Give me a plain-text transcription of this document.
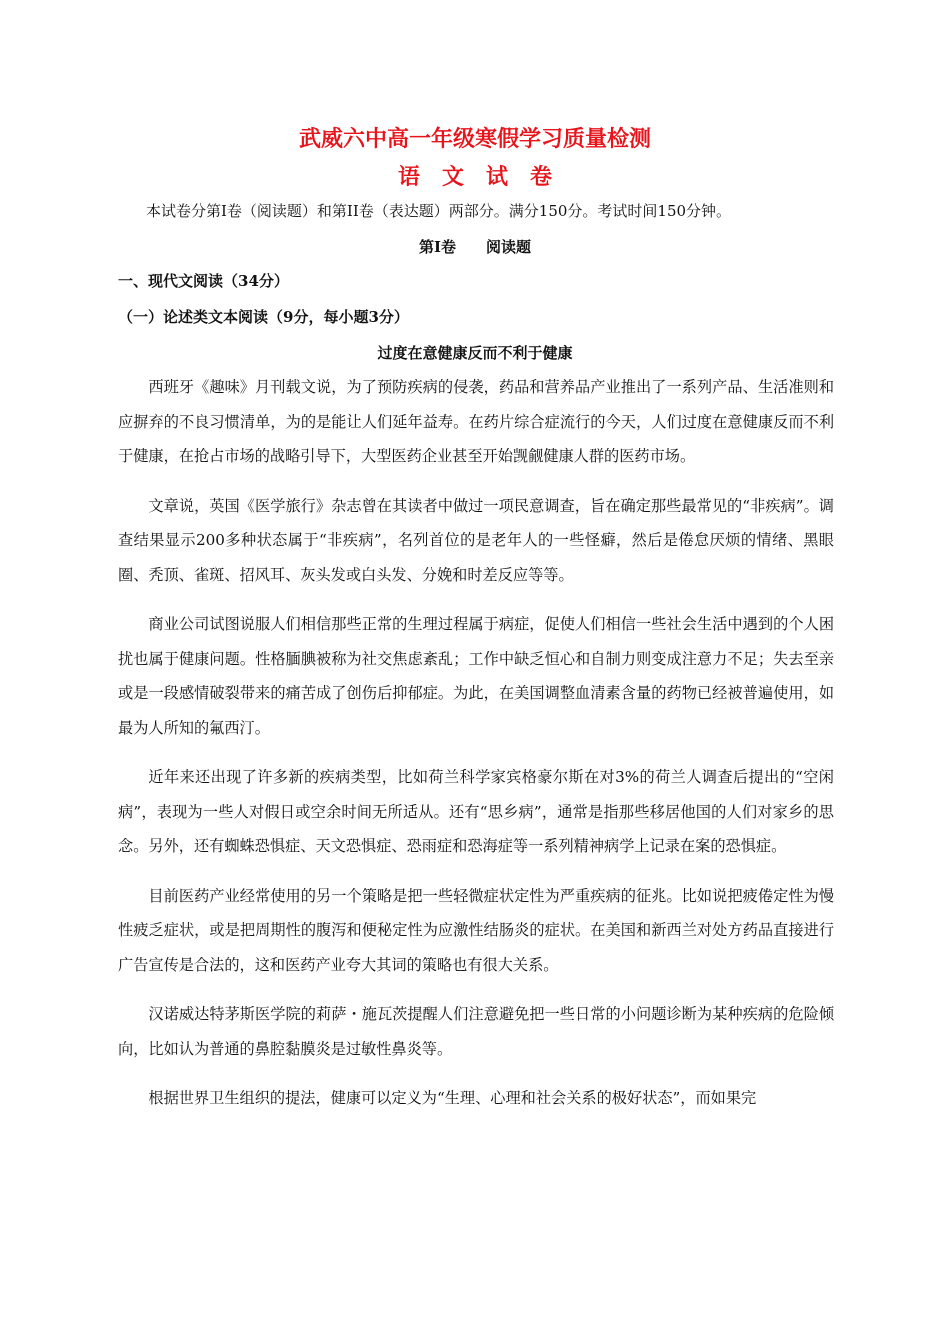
武威六中高一年级寒假学习质量检测
语文试卷
本试卷分第Ⅰ卷（阅读题）和第II卷（表达题）两部分。满分150分。考试时间150分钟。
第Ⅰ卷　　阅读题
一、现代文阅读（34分）
（一）论述类文本阅读（9分，每小题3分）
过度在意健康反而不利于健康

西班牙《趣味》月刊载文说，为了预防疾病的侵袭，药品和营养品产业推出了一系列产品、生活准则和应摒弃的不良习惯清单，为的是能让人们延年益寿。在药片综合症流行的今天，人们过度在意健康反而不利于健康，在抢占市场的战略引导下，大型医药企业甚至开始觊觎健康人群的医药市场。

文章说，英国《医学旅行》杂志曾在其读者中做过一项民意调查，旨在确定那些最常见的“非疾病”。调查结果显示200多种状态属于“非疾病”，名列首位的是老年人的一些怪癖，然后是倦怠厌烦的情绪、黑眼圈、秃顶、雀斑、招风耳、灰头发或白头发、分娩和时差反应等等。

商业公司试图说服人们相信那些正常的生理过程属于病症，促使人们相信一些社会生活中遇到的个人困扰也属于健康问题。性格腼腆被称为社交焦虑紊乱；工作中缺乏恒心和自制力则变成注意力不足；失去至亲或是一段感情破裂带来的痛苦成了创伤后抑郁症。为此，在美国调整血清素含量的药物已经被普遍使用，如最为人所知的氟西汀。

近年来还出现了许多新的疾病类型，比如荷兰科学家宾格豪尔斯在对3%的荷兰人调查后提出的“空闲病”，表现为一些人对假日或空余时间无所适从。还有“思乡病”，通常是指那些移居他国的人们对家乡的思念。另外，还有蜘蛛恐惧症、天文恐惧症、恐雨症和恐海症等一系列精神病学上记录在案的恐惧症。

目前医药产业经常使用的另一个策略是把一些轻微症状定性为严重疾病的征兆。比如说把疲倦定性为慢性疲乏症状，或是把周期性的腹泻和便秘定性为应激性结肠炎的症状。在美国和新西兰对处方药品直接进行广告宣传是合法的，这和医药产业夸大其词的策略也有很大关系。

汉诺威达特茅斯医学院的莉萨・施瓦茨提醒人们注意避免把一些日常的小问题诊断为某种疾病的危险倾向，比如认为普通的鼻腔黏膜炎是过敏性鼻炎等。

根据世界卫生组织的提法，健康可以定义为“生理、心理和社会关系的极好状态”，而如果完
